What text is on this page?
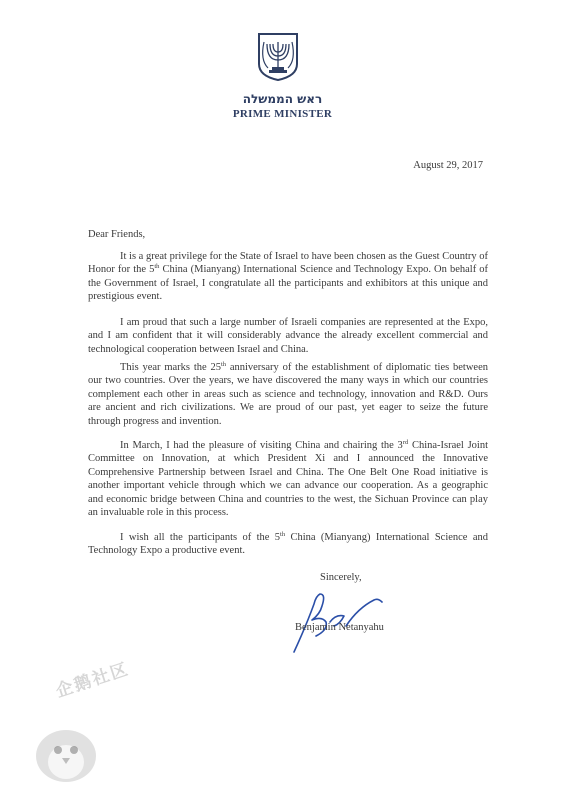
ראש הממשלה
PRIME MINISTER
August 29, 2017
Dear Friends,

It is a great privilege for the State of Israel to have been chosen as the Guest Country of Honor for the 5th China (Mianyang) International Science and Technology Expo. On behalf of the Government of Israel, I congratulate all the participants and exhibitors at this unique and prestigious event.

I am proud that such a large number of Israeli companies are represented at the Expo, and I am confident that it will considerably advance the already excellent commercial and technological cooperation between Israel and China.

This year marks the 25th anniversary of the establishment of diplomatic ties between our two countries. Over the years, we have discovered the many ways in which our countries complement each other in areas such as science and technology, innovation and R&D. Ours are ancient and rich civilizations. We are proud of our past, yet eager to seize the future through progress and invention.

In March, I had the pleasure of visiting China and chairing the 3rd China-Israel Joint Committee on Innovation, at which President Xi and I announced the Innovative Comprehensive Partnership between Israel and China. The One Belt One Road initiative is another important vehicle through which we can advance our cooperation. As a geographic and economic bridge between China and countries to the west, the Sichuan Province can play an invaluable role in this process.

I wish all the participants of the 5th China (Mianyang) International Science and Technology Expo a productive event.

Sincerely,
Benjamin Netanyahu
企鹅社区
